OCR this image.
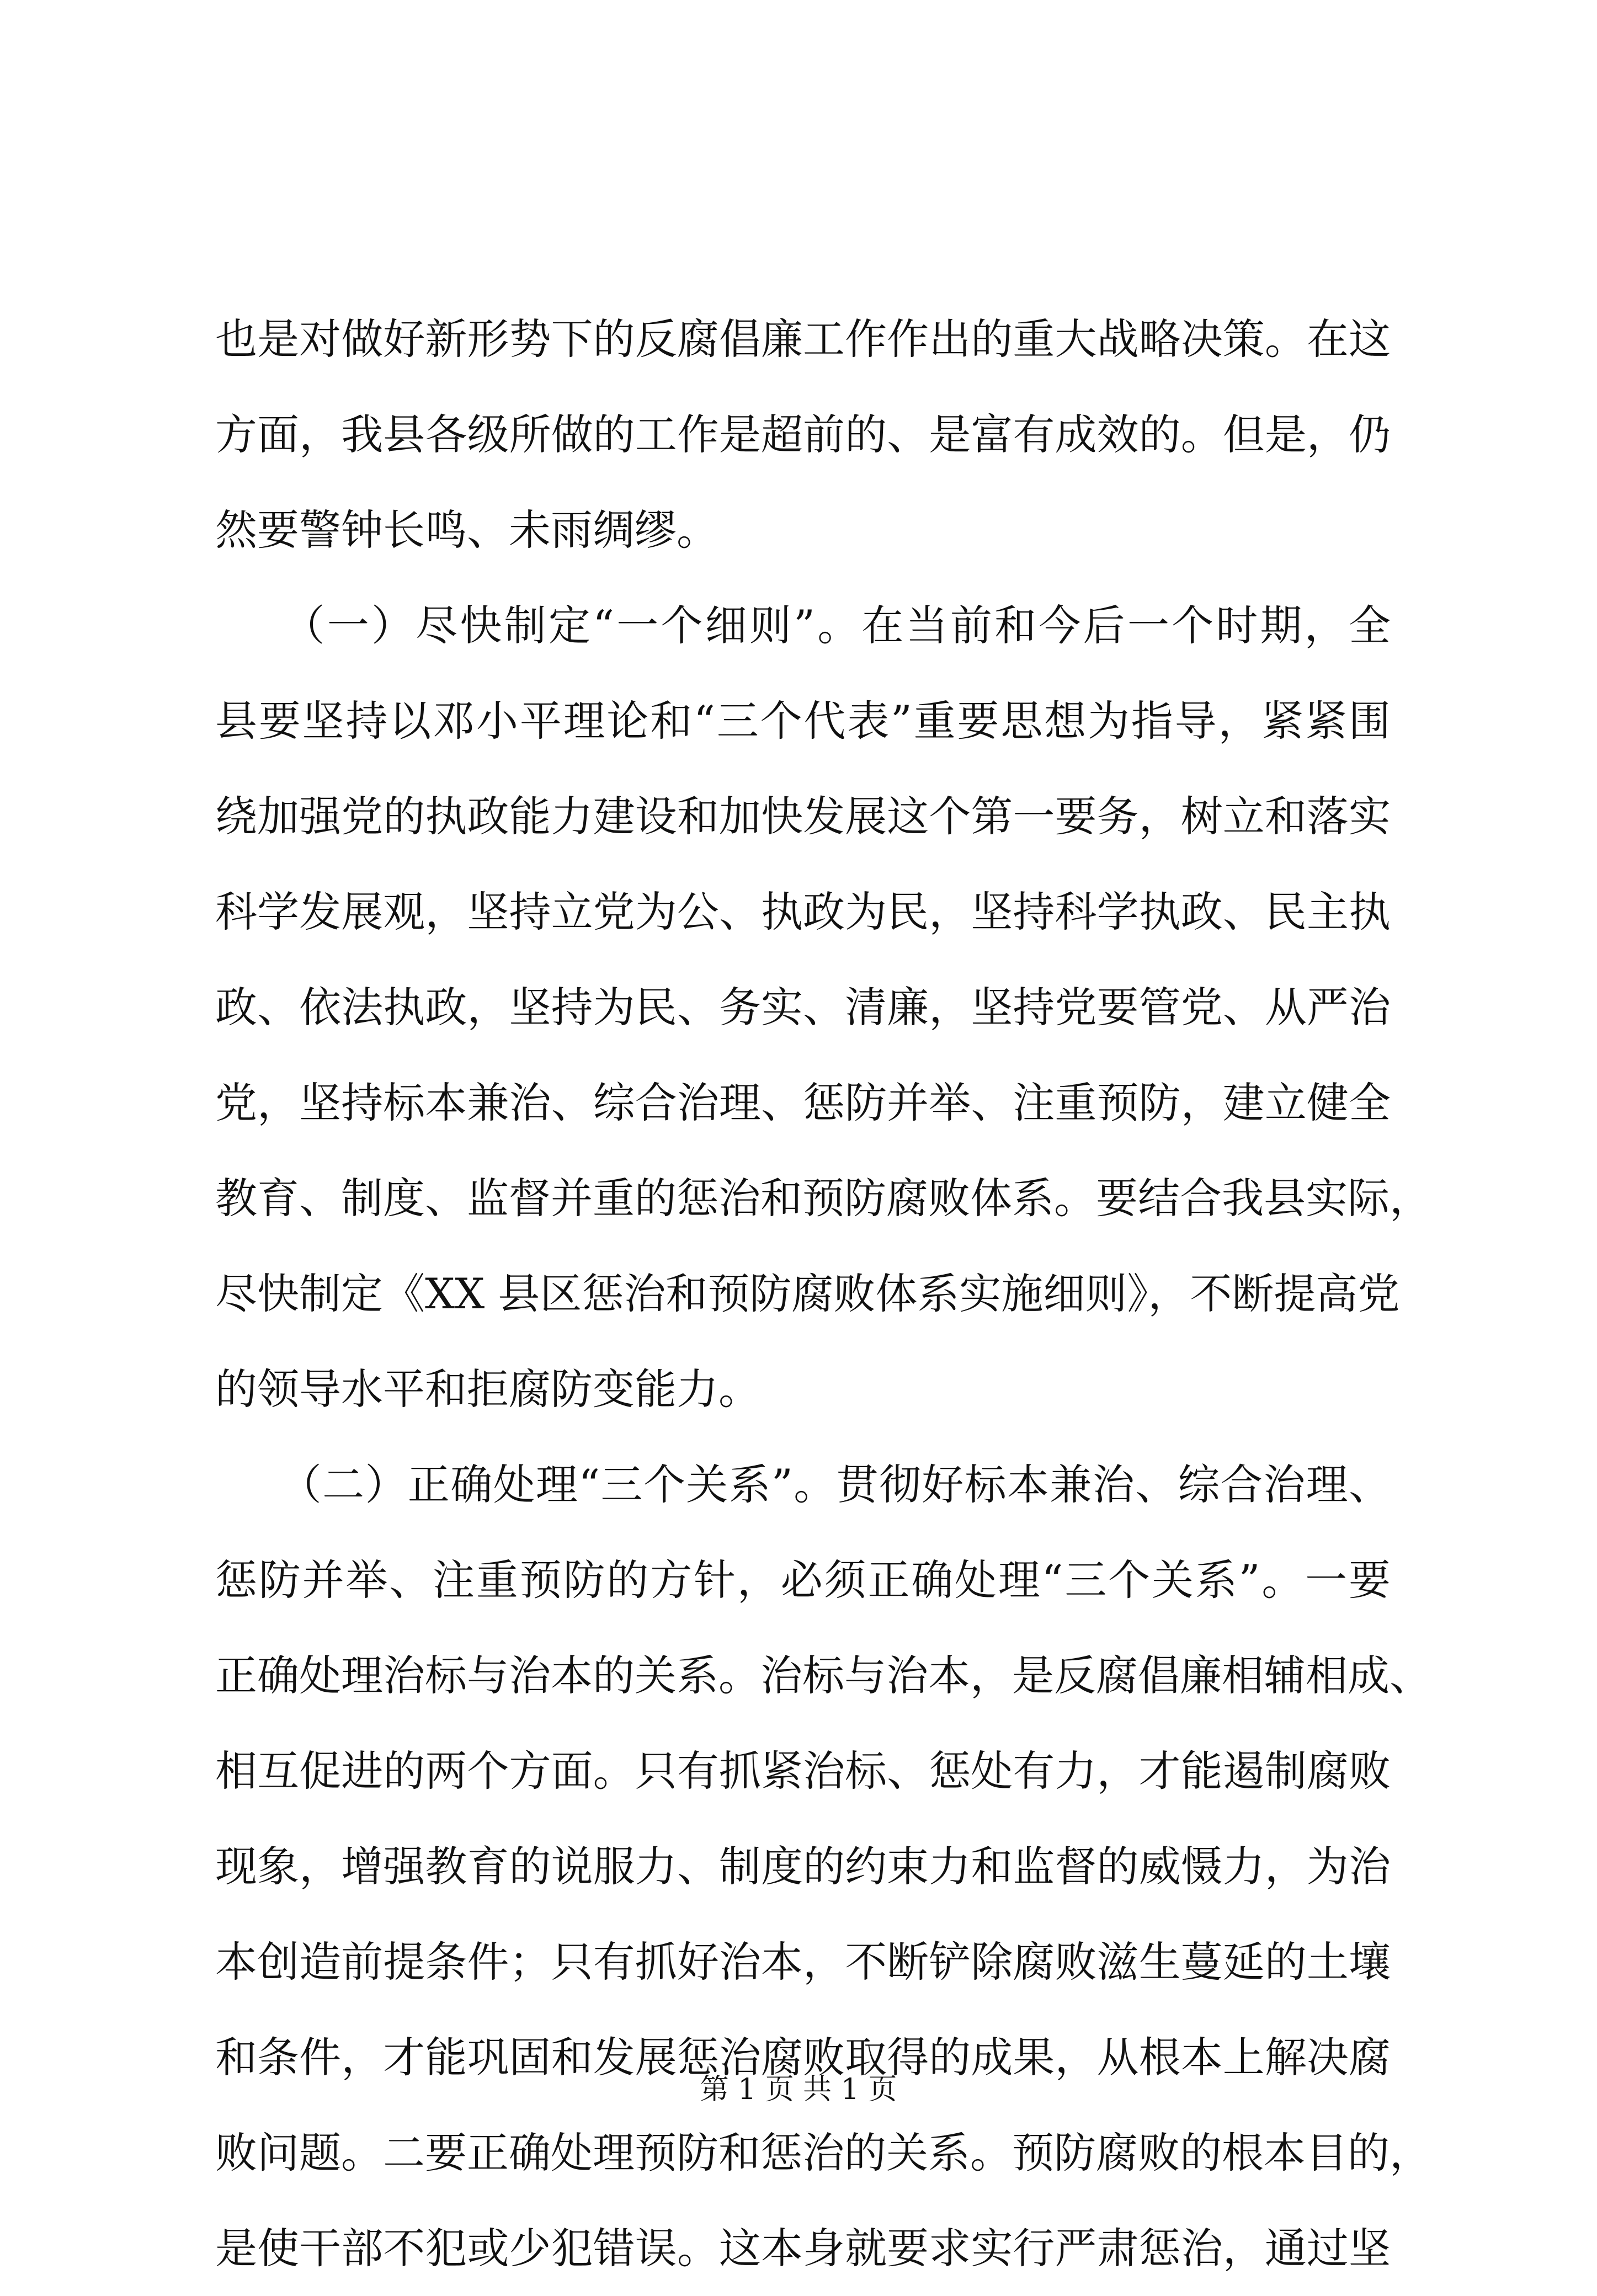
也是对做好新形势下的反腐倡廉工作作出的重大战略决策。在这
方面，我县各级所做的工作是超前的、是富有成效的。但是，仍
然要警钟长鸣、未雨绸缪。
　　（一）尽快制定“一个细则”。在当前和今后一个时期，全
县要坚持以邓小平理论和“三个代表”重要思想为指导，紧紧围
绕加强党的执政能力建设和加快发展这个第一要务，树立和落实
科学发展观，坚持立党为公、执政为民，坚持科学执政、民主执
政、依法执政，坚持为民、务实、清廉，坚持党要管党、从严治
党，坚持标本兼治、综合治理、惩防并举、注重预防，建立健全
教育、制度、监督并重的惩治和预防腐败体系。要结合我县实际，
尽快制定《XX 县区惩治和预防腐败体系实施细则》，不断提高党
的领导水平和拒腐防变能力。
　　（二）正确处理“三个关系”。贯彻好标本兼治、综合治理、
惩防并举、注重预防的方针，必须正确处理“三个关系”。一要
正确处理治标与治本的关系。治标与治本，是反腐倡廉相辅相成、
相互促进的两个方面。只有抓紧治标、惩处有力，才能遏制腐败
现象，增强教育的说服力、制度的约束力和监督的威慑力，为治
本创造前提条件；只有抓好治本，不断铲除腐败滋生蔓延的土壤
和条件，才能巩固和发展惩治腐败取得的成果，从根本上解决腐
败问题。二要正确处理预防和惩治的关系。预防腐败的根本目的，
是使干部不犯或少犯错误。这本身就要求实行严肃惩治，通过坚
第 1 页 共 1 页
